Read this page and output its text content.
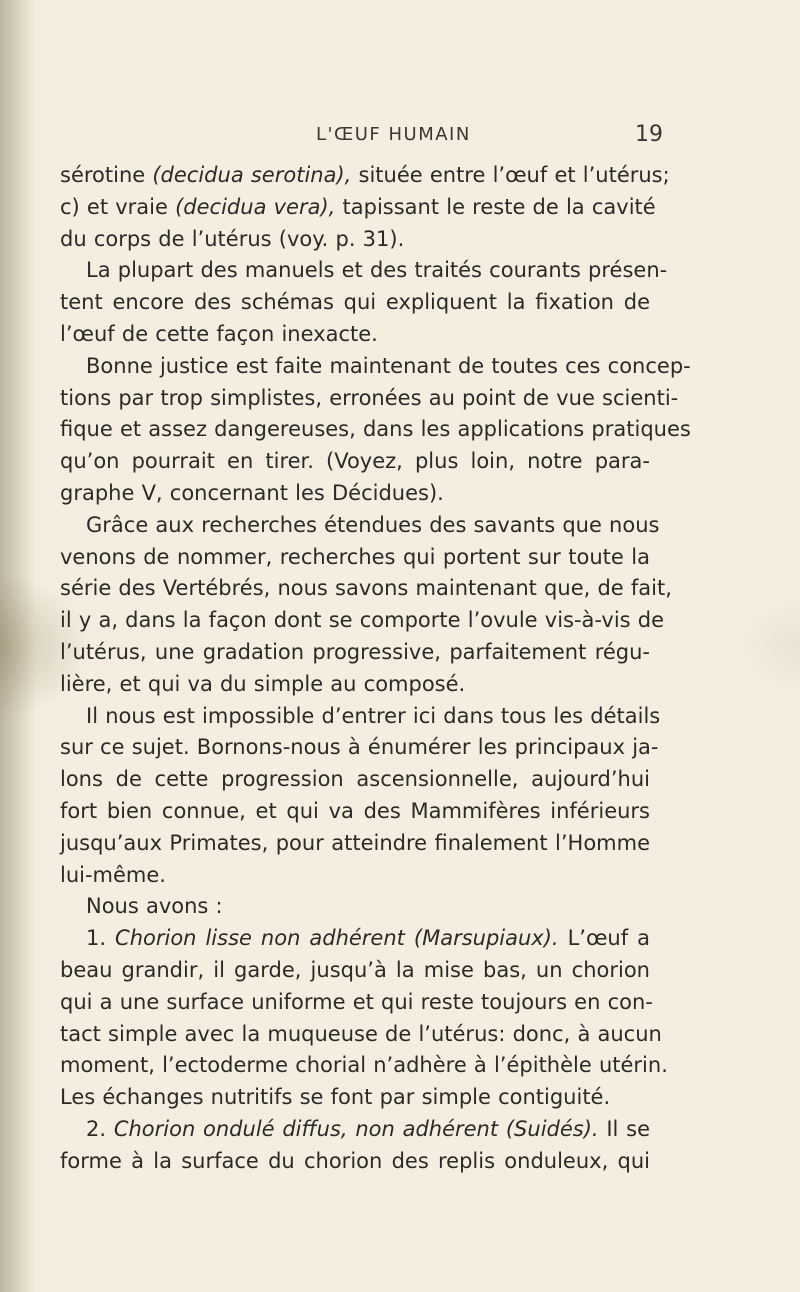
L'ŒUF HUMAIN	19
sérotine (decidua serotina), située entre l’œuf et l’utérus;
c) et vraie (decidua vera), tapissant le reste de la cavité
du corps de l’utérus (voy. p. 31).
La plupart des manuels et des traités courants présen-
tent encore des schémas qui expliquent la fixation de
l’œuf de cette façon inexacte.
Bonne justice est faite maintenant de toutes ces concep-
tions par trop simplistes, erronées au point de vue scienti-
fique et assez dangereuses, dans les applications pratiques
qu’on pourrait en tirer. (Voyez, plus loin, notre para-
graphe V, concernant les Décidues).
Grâce aux recherches étendues des savants que nous
venons de nommer, recherches qui portent sur toute la
série des Vertébrés, nous savons maintenant que, de fait,
il y a, dans la façon dont se comporte l’ovule vis-à-vis de
l’utérus, une gradation progressive, parfaitement régu-
lière, et qui va du simple au composé.
Il nous est impossible d’entrer ici dans tous les détails
sur ce sujet. Bornons-nous à énumérer les principaux ja-
lons de cette progression ascensionnelle, aujourd’hui
fort bien connue, et qui va des Mammifères inférieurs
jusqu’aux Primates, pour atteindre finalement l’Homme
lui-même.
Nous avons :
1. Chorion lisse non adhérent (Marsupiaux). L’œuf a
beau grandir, il garde, jusqu’à la mise bas, un chorion
qui a une surface uniforme et qui reste toujours en con-
tact simple avec la muqueuse de l’utérus: donc, à aucun
moment, l’ectoderme chorial n’adhère à l’épithèle utérin.
Les échanges nutritifs se font par simple contiguité.
2. Chorion ondulé diffus, non adhérent (Suidés). Il se
forme à la surface du chorion des replis onduleux, qui
